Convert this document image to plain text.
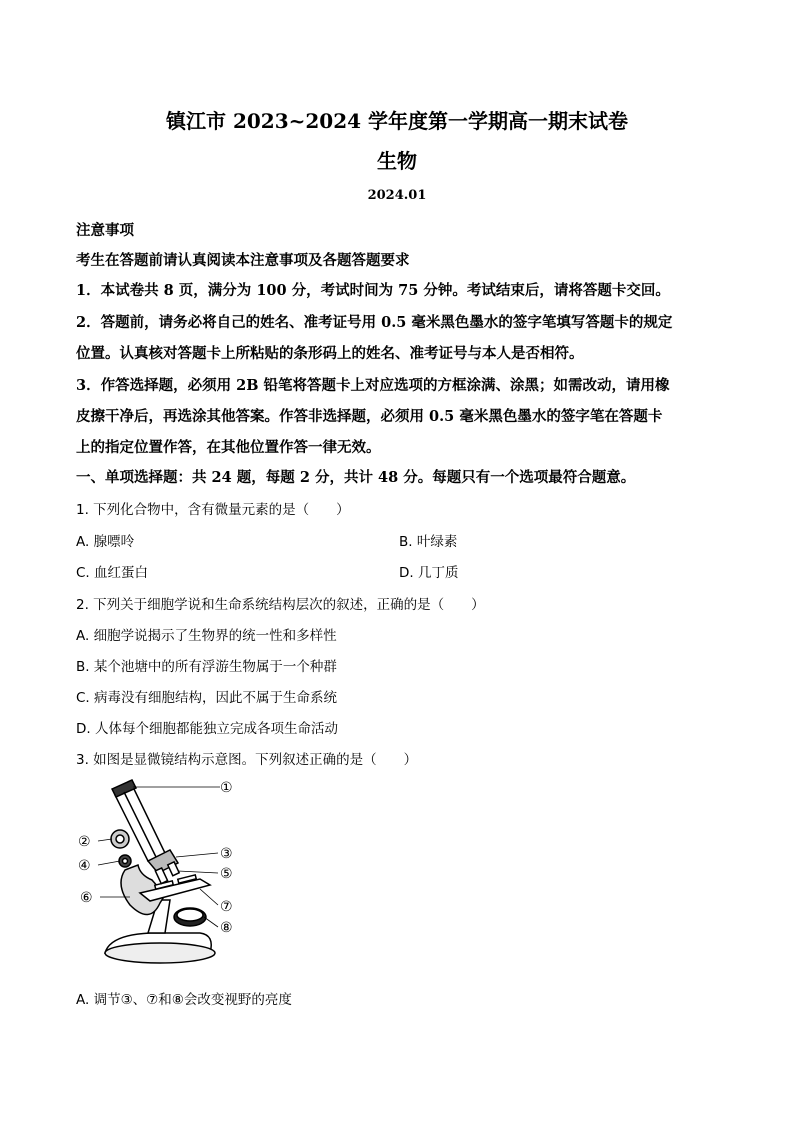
镇江市 2023~2024 学年度第一学期高一期末试卷
生物
2024.01
注意事项
考生在答题前请认真阅读本注意事项及各题答题要求
1．本试卷共 8 页，满分为 100 分，考试时间为 75 分钟。考试结束后，请将答题卡交回。
2．答题前，请务必将自己的姓名、准考证号用 0.5 毫米黑色墨水的签字笔填写答题卡的规定
位置。认真核对答题卡上所粘贴的条形码上的姓名、准考证号与本人是否相符。
3．作答选择题，必须用 2B 铅笔将答题卡上对应选项的方框涂满、涂黑；如需改动，请用橡
皮擦干净后，再选涂其他答案。作答非选择题，必须用 0.5 毫米黑色墨水的签字笔在答题卡
上的指定位置作答，在其他位置作答一律无效。
一、单项选择题：共 24 题，每题 2 分，共计 48 分。每题只有一个选项最符合题意。
1. 下列化合物中，含有微量元素的是（　　）
A. 腺嘌呤	B. 叶绿素
C. 血红蛋白	D. 几丁质
2. 下列关于细胞学说和生命系统结构层次的叙述，正确的是（　　）
A. 细胞学说揭示了生物界的统一性和多样性
B. 某个池塘中的所有浮游生物属于一个种群
C. 病毒没有细胞结构，因此不属于生命系统
D. 人体每个细胞都能独立完成各项生命活动
3. 如图是显微镜结构示意图。下列叙述正确的是（　　）
①
②
③
④	⑤
⑥
⑦
⑧
A. 调节③、⑦和⑧会改变视野的亮度
